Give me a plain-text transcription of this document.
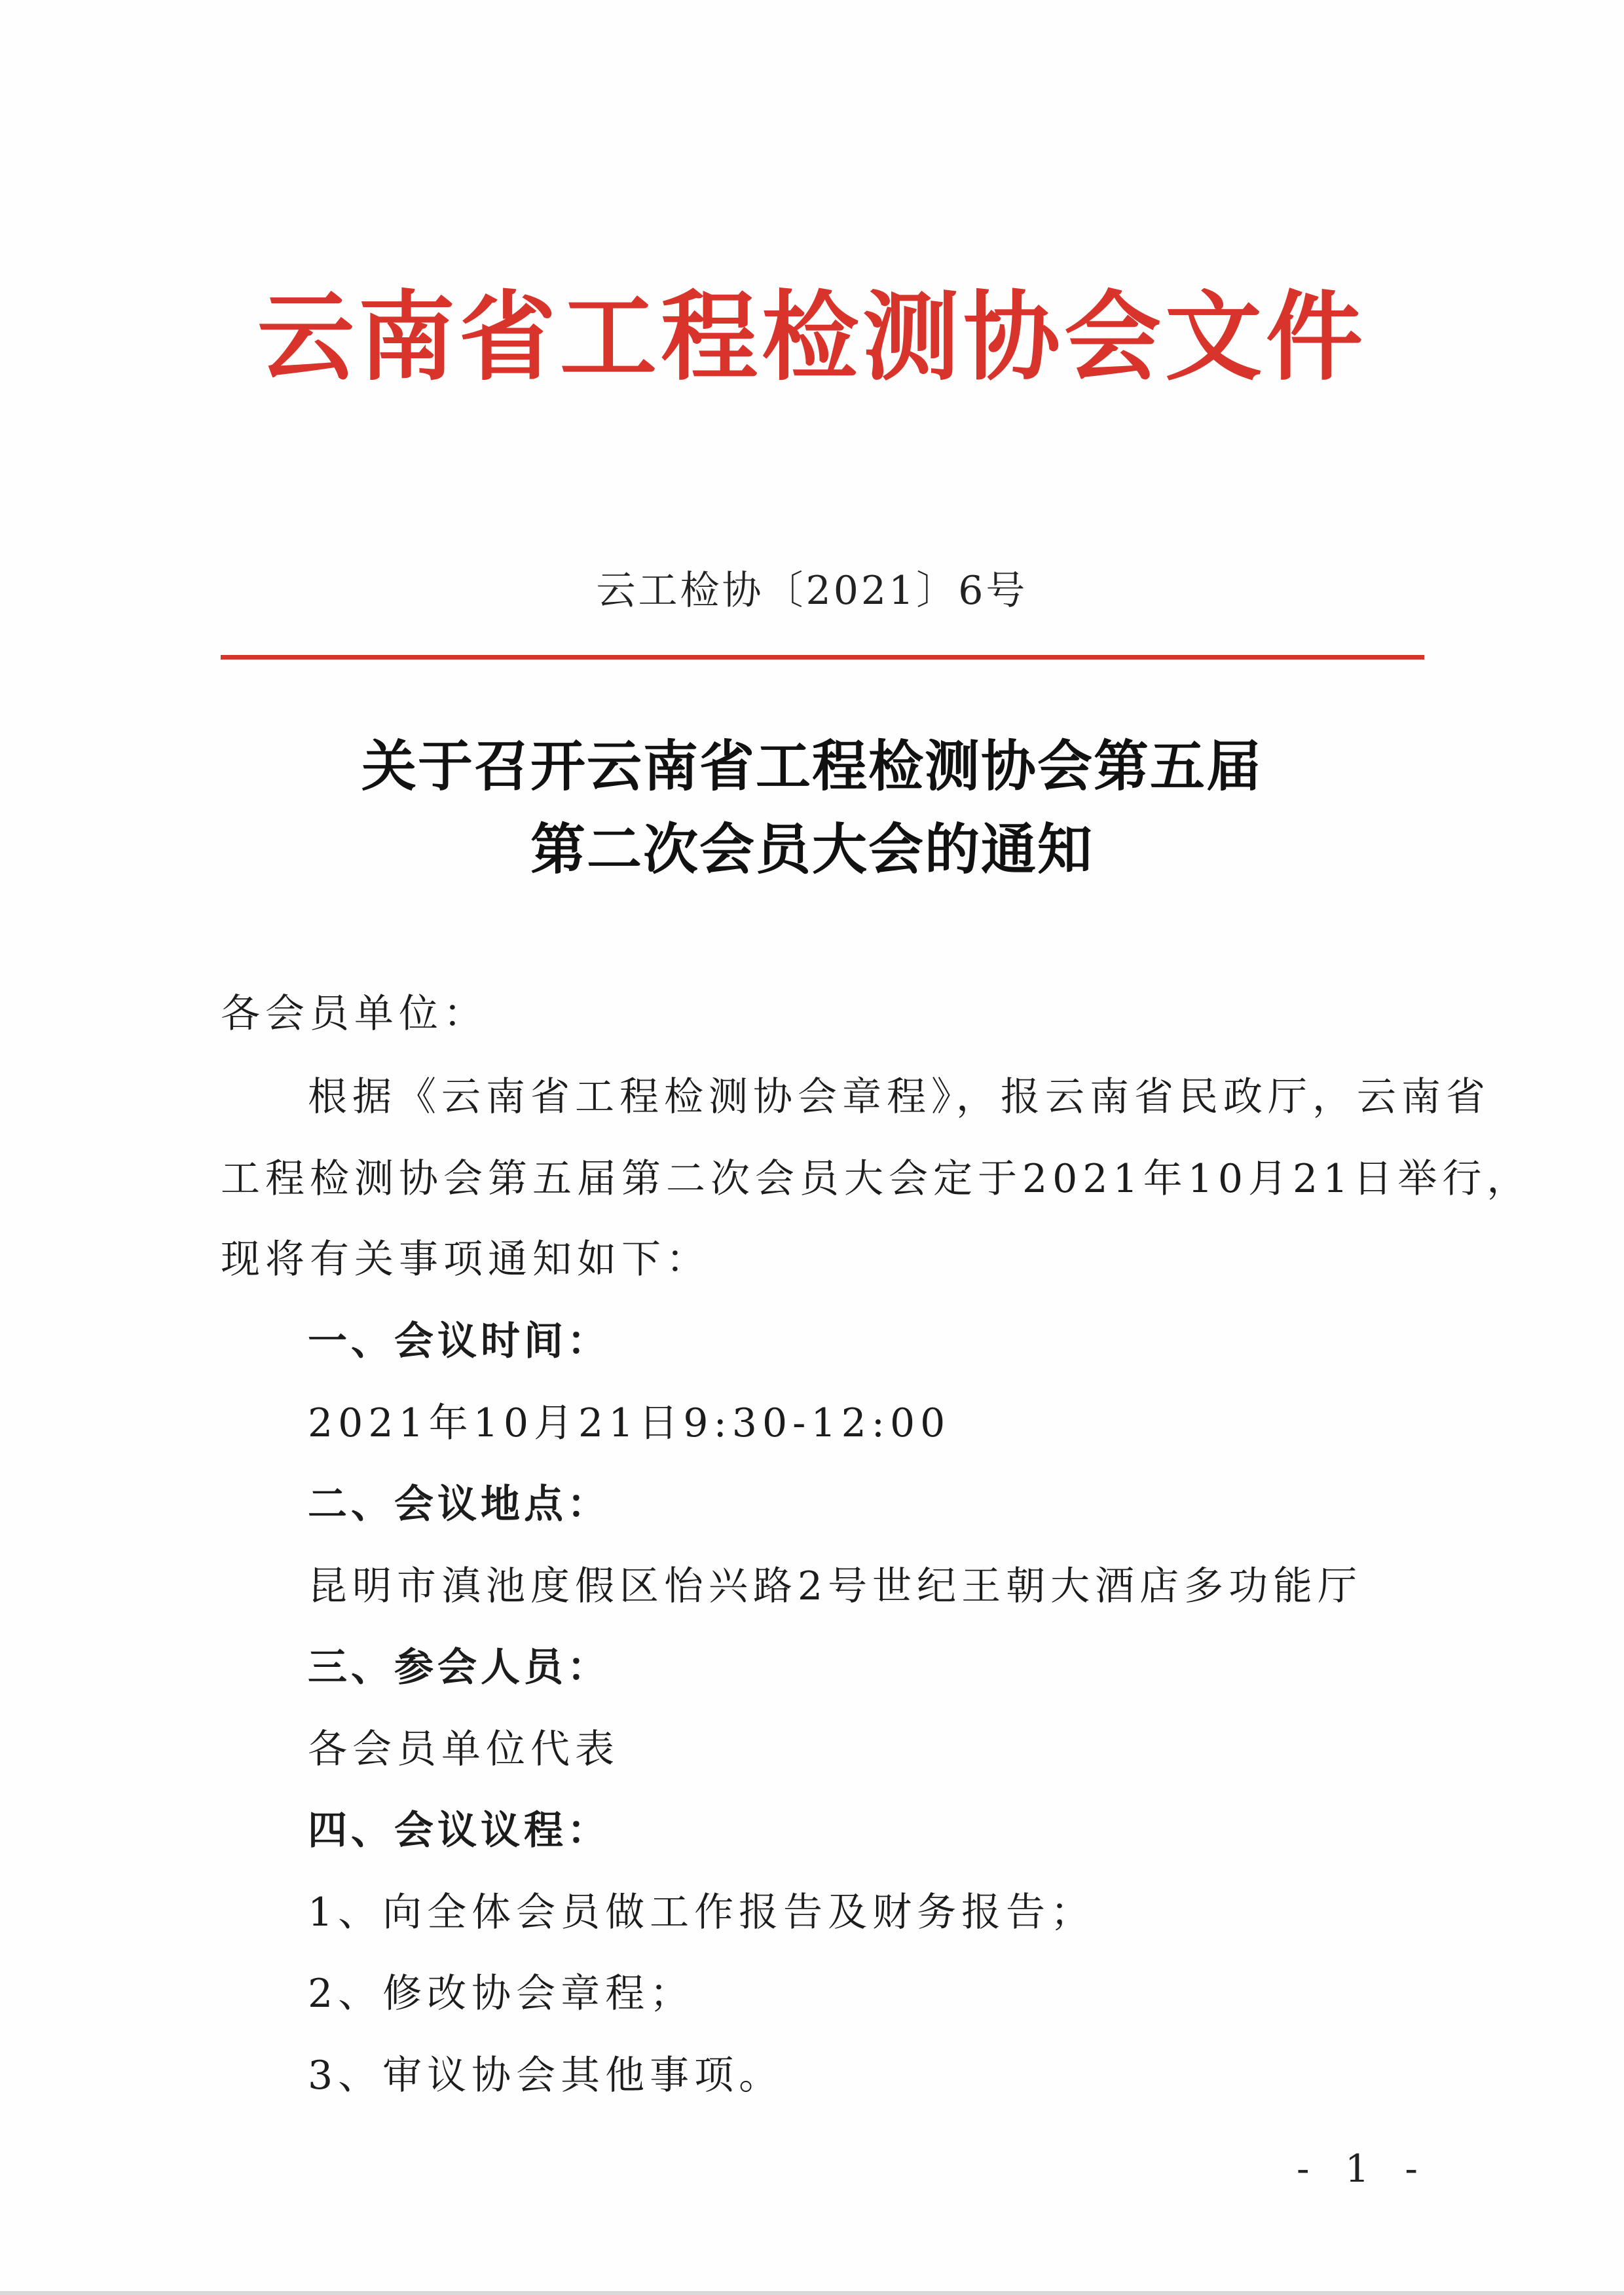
云南省工程检测协会文件
云工检协〔2021〕6号
关于召开云南省工程检测协会第五届
第二次会员大会的通知
各会员单位：
根据《云南省工程检测协会章程》，报云南省民政厅，云南省
工程检测协会第五届第二次会员大会定于2021年10月21日举行，
现将有关事项通知如下：
一、会议时间：
2021年10月21日9:30-12:00
二、会议地点：
昆明市滇池度假区怡兴路2号世纪王朝大酒店多功能厅
三、参会人员：
各会员单位代表
四、会议议程：
1、向全体会员做工作报告及财务报告；
2、修改协会章程；
3、审议协会其他事项。
- 1 -
